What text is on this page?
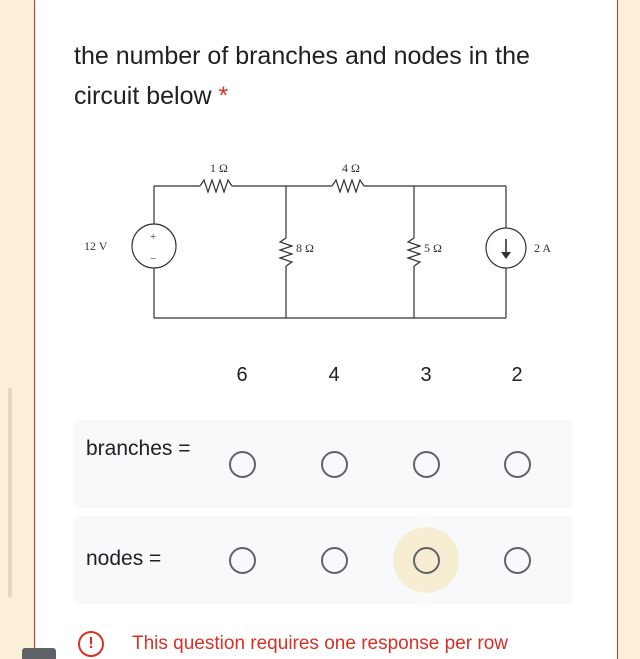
the number of branches and nodes in the circuit below *
1 Ω	4 Ω
12 V	8 Ω	5 Ω	2 A
+
−
6	4	3	2
branches =
nodes =
!	This question requires one response per row
